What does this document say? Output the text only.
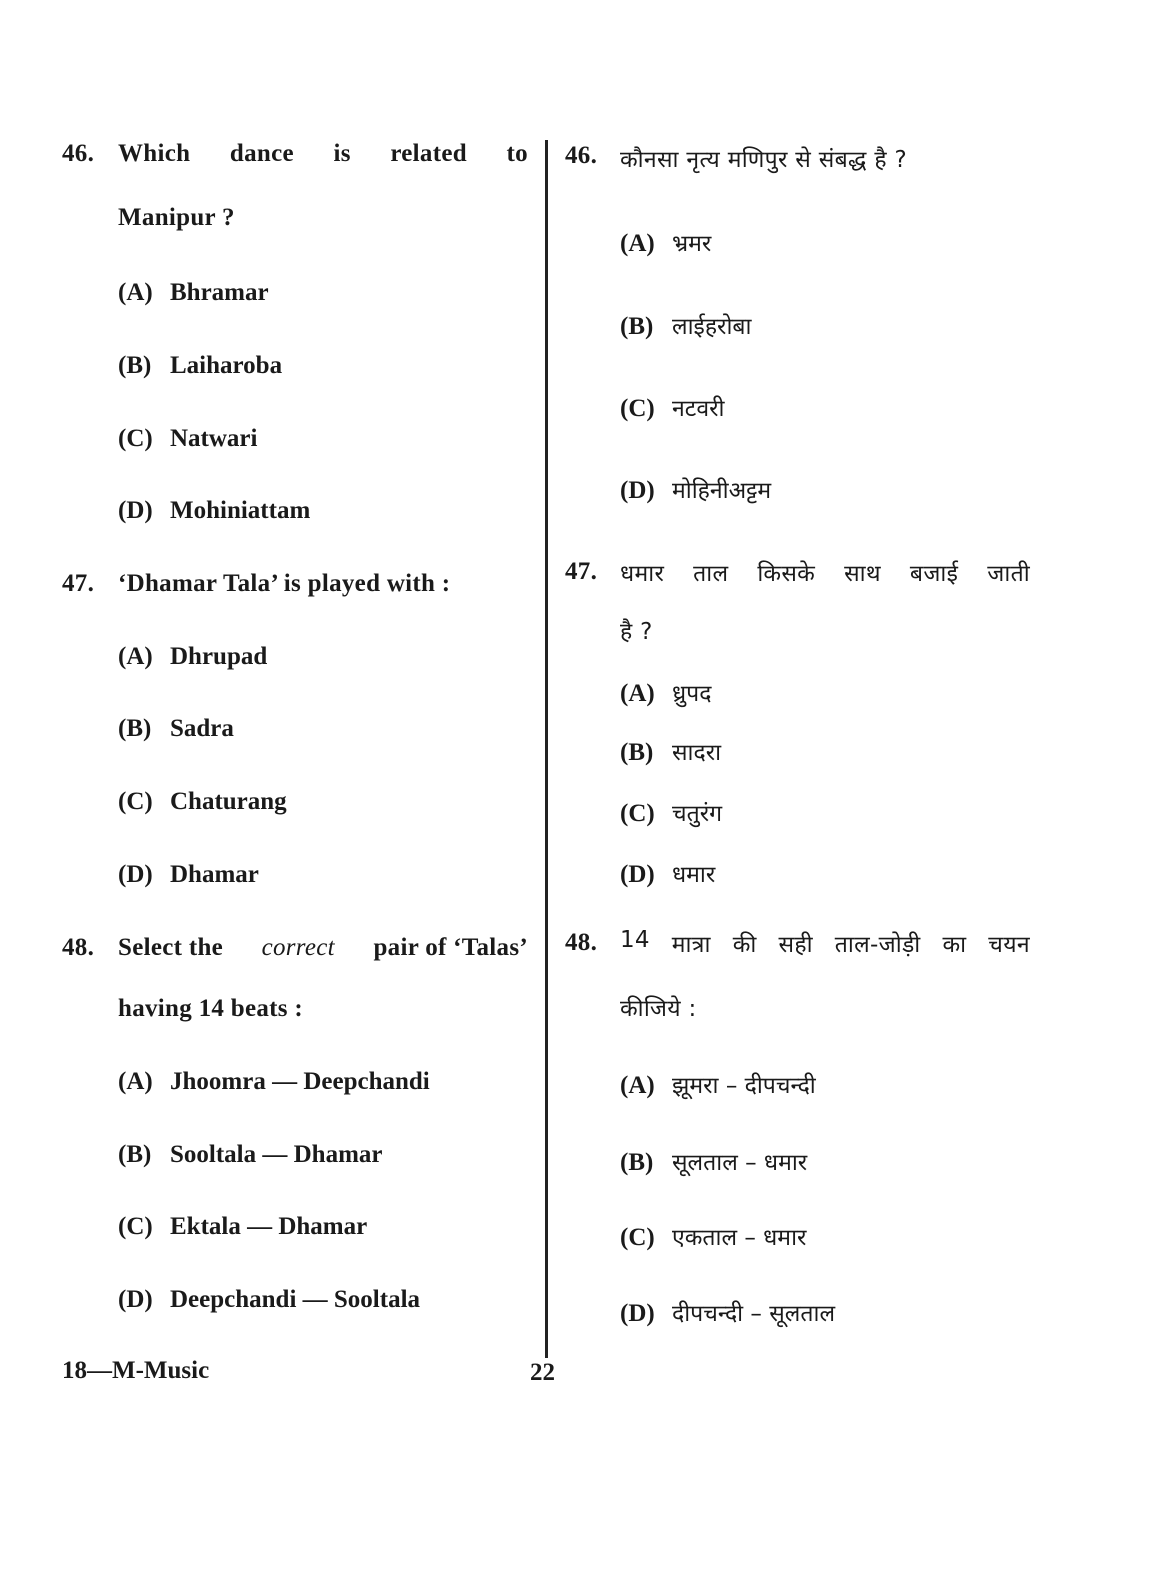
46. Which dance is related to
Manipur ?
(A) Bhramar
(B) Laiharoba
(C) Natwari
(D) Mohiniattam
47. ‘Dhamar Tala’ is played with :
(A) Dhrupad
(B) Sadra
(C) Chaturang
(D) Dhamar
48. Select the correct pair of ‘Talas’
having 14 beats :
(A) Jhoomra — Deepchandi
(B) Sooltala — Dhamar
(C) Ektala — Dhamar
(D) Deepchandi — Sooltala
46. कौनसा नृत्य मणिपुर से संबद्ध है ?
(A) भ्रमर
(B) लाईहरोबा
(C) नटवरी
(D) मोहिनीअट्टम
47. धमार ताल किसके साथ बजाई जाती
है ?
(A) ध्रुपद
(B) सादरा
(C) चतुरंग
(D) धमार
48. 14 मात्रा की सही ताल-जोड़ी का चयन
कीजिये :
(A) झूमरा – दीपचन्दी
(B) सूलताल – धमार
(C) एकताल – धमार
(D) दीपचन्दी – सूलताल
18—M-Music	22
